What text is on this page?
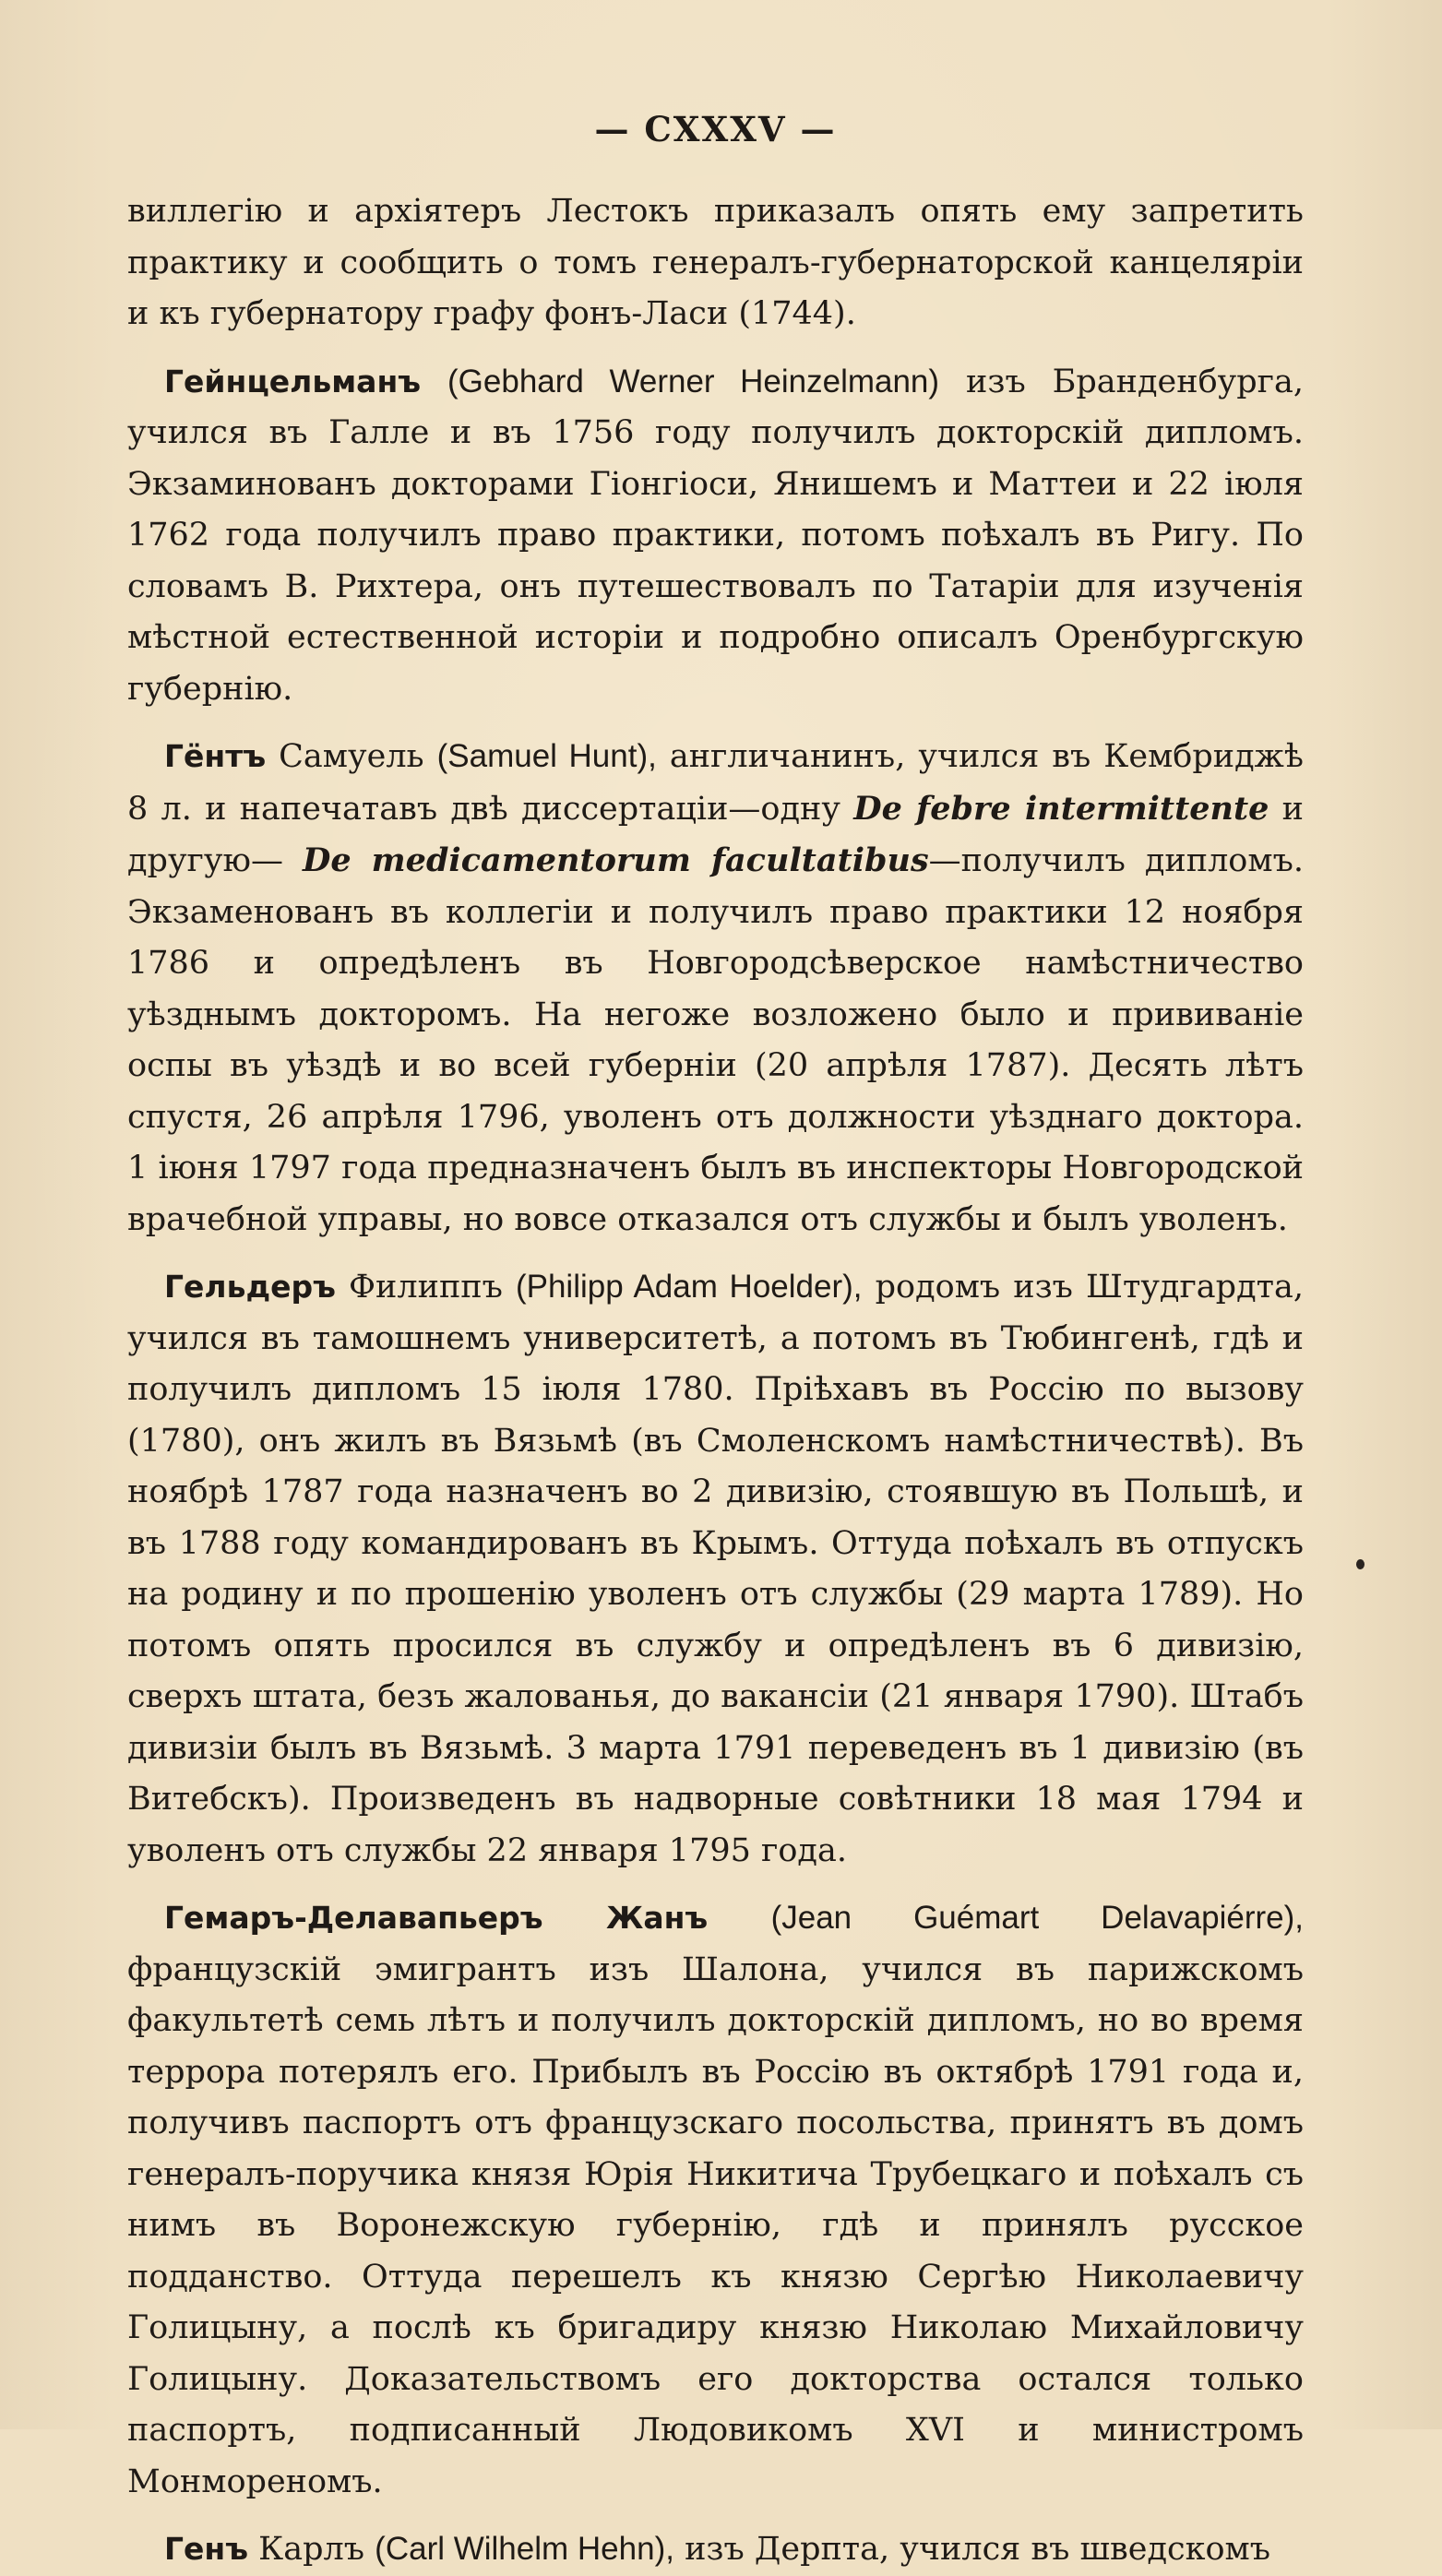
— CXXXV —

виллегію и архіятеръ Лестокъ приказалъ опять ему запретить практику и сообщить о томъ генералъ-губернаторской канцеляріи и къ губернатору графу фонъ-Ласи (1744).

Гейнцельманъ (Gebhard Werner Heinzelmann) изъ Бранденбурга, учился въ Галле и въ 1756 году получилъ докторскій дипломъ. Экзаминованъ докторами Гіонгіоси, Янишемъ и Маттеи и 22 іюля 1762 года получилъ право практики, потомъ поѣхалъ въ Ригу. По словамъ В. Рихтера, онъ путешествовалъ по Татаріи для изученія мѣстной естественной исторіи и подробно описалъ Оренбургскую губернію.

Гёнтъ Самуель (Samuel Hunt), англичанинъ, учился въ Кембриджѣ 8 л. и напечатавъ двѣ диссертаціи—одну De febre intermittente и другую— De medicamentorum facultatibus—получилъ дипломъ. Экзаменованъ въ коллегіи и получилъ право практики 12 ноября 1786 и опредѣленъ въ Новгородсѣверское намѣстничество уѣзднымъ докторомъ. На негоже возложено было и прививаніе оспы въ уѣздѣ и во всей губерніи (20 апрѣля 1787). Десять лѣтъ спустя, 26 апрѣля 1796, уволенъ отъ должности уѣзднаго доктора. 1 іюня 1797 года предназначенъ былъ въ инспекторы Новгородской врачебной управы, но вовсе отказался отъ службы и былъ уволенъ.

Гельдеръ Филиппъ (Philipp Adam Hoelder), родомъ изъ Штудгардта, учился въ тамошнемъ университетѣ, а потомъ въ Тюбингенѣ, гдѣ и получилъ дипломъ 15 іюля 1780. Пріѣхавъ въ Россію по вызову (1780), онъ жилъ въ Вязьмѣ (въ Смоленскомъ намѣстничествѣ). Въ ноябрѣ 1787 года назначенъ во 2 дивизію, стоявшую въ Польшѣ, и въ 1788 году командированъ въ Крымъ. Оттуда поѣхалъ въ отпускъ на родину и по прошенію уволенъ отъ службы (29 марта 1789). Но потомъ опять просился въ службу и опредѣленъ въ 6 дивизію, сверхъ штата, безъ жалованья, до вакансіи (21 января 1790). Штабъ дивизіи былъ въ Вязьмѣ. 3 марта 1791 переведенъ въ 1 дивизію (въ Витебскъ). Произведенъ въ надворные совѣтники 18 мая 1794 и уволенъ отъ службы 22 января 1795 года.

Гемаръ-Делавапьеръ Жанъ (Jean Guémart Delavapiérre), французскій эмигрантъ изъ Шалона, учился въ парижскомъ факультетѣ семь лѣтъ и получилъ докторскій дипломъ, но во время террора потерялъ его. Прибылъ въ Россію въ октябрѣ 1791 года и, получивъ паспортъ отъ французскаго посольства, принятъ въ домъ генералъ-поручика князя Юрія Никитича Трубецкаго и поѣхалъ съ нимъ въ Воронежскую губернію, гдѣ и принялъ русское подданство. Оттуда перешелъ къ князю Сергѣю Николаевичу Голицыну, а послѣ къ бригадиру князю Николаю Михайловичу Голицыну. Доказательствомъ его докторства остался только паспортъ, подписанный Людовикомъ XVI и министромъ Монмореномъ.

Генъ Карлъ (Carl Wilhelm Hehn), изъ Дерпта, учился въ шведскомъ
